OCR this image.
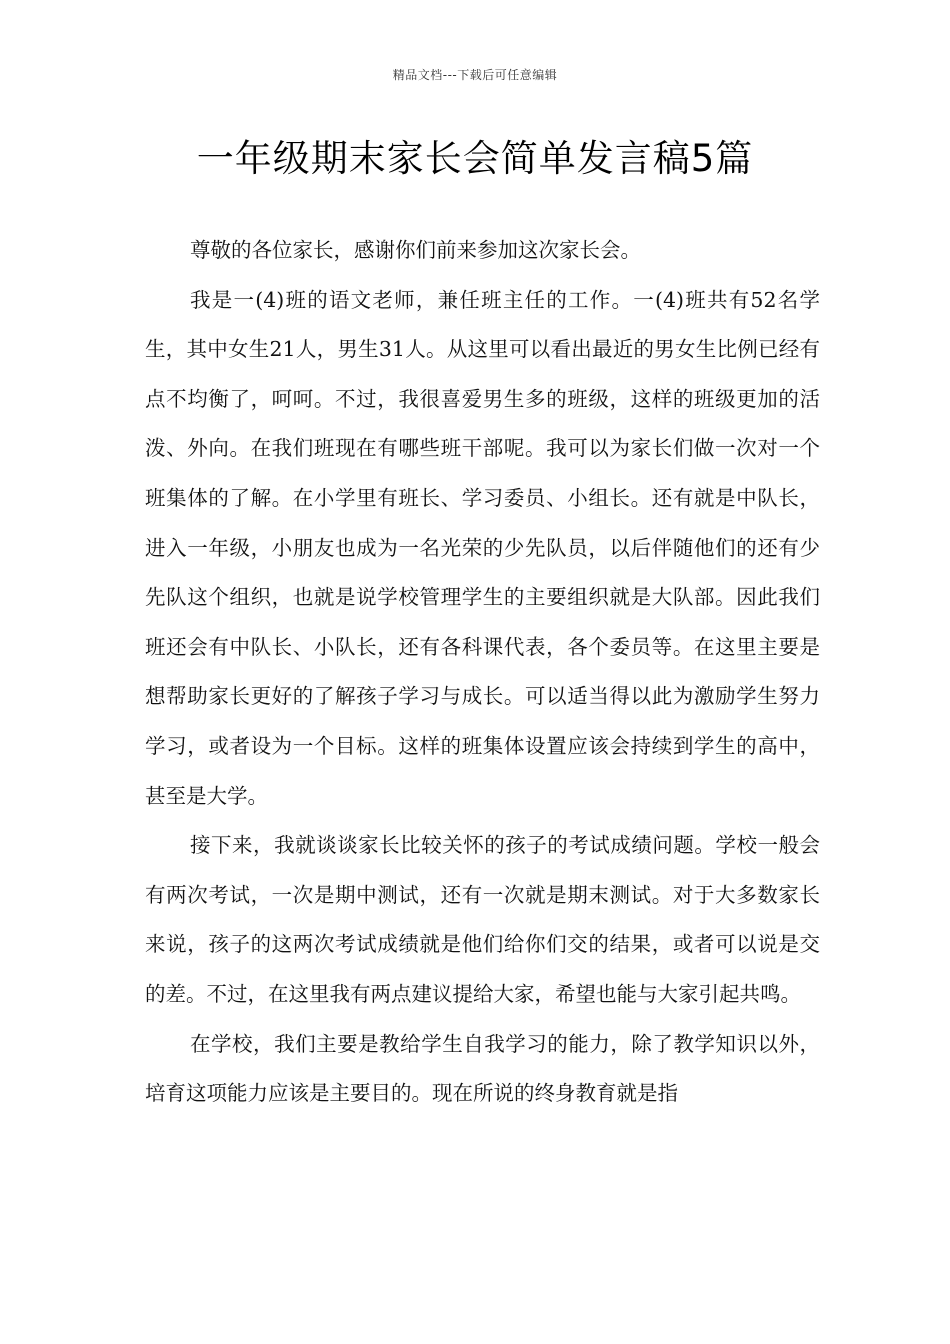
精品文档---下载后可任意编辑
一年级期末家长会简单发言稿5篇

尊敬的各位家长，感谢你们前来参加这次家长会。

我是一(4)班的语文老师，兼任班主任的工作。一(4)班共有52名学生，其中女生21人，男生31人。从这里可以看出最近的男女生比例已经有点不均衡了，呵呵。不过，我很喜爱男生多的班级，这样的班级更加的活泼、外向。在我们班现在有哪些班干部呢。我可以为家长们做一次对一个班集体的了解。在小学里有班长、学习委员、小组长。还有就是中队长，进入一年级，小朋友也成为一名光荣的少先队员，以后伴随他们的还有少先队这个组织，也就是说学校管理学生的主要组织就是大队部。因此我们班还会有中队长、小队长，还有各科课代表，各个委员等。在这里主要是想帮助家长更好的了解孩子学习与成长。可以适当得以此为激励学生努力学习，或者设为一个目标。这样的班集体设置应该会持续到学生的高中，甚至是大学。

接下来，我就谈谈家长比较关怀的孩子的考试成绩问题。学校一般会有两次考试，一次是期中测试，还有一次就是期末测试。对于大多数家长来说，孩子的这两次考试成绩就是他们给你们交的结果，或者可以说是交的差。不过，在这里我有两点建议提给大家，希望也能与大家引起共鸣。

在学校，我们主要是教给学生自我学习的能力，除了教学知识以外，培育这项能力应该是主要目的。现在所说的终身教育就是指
